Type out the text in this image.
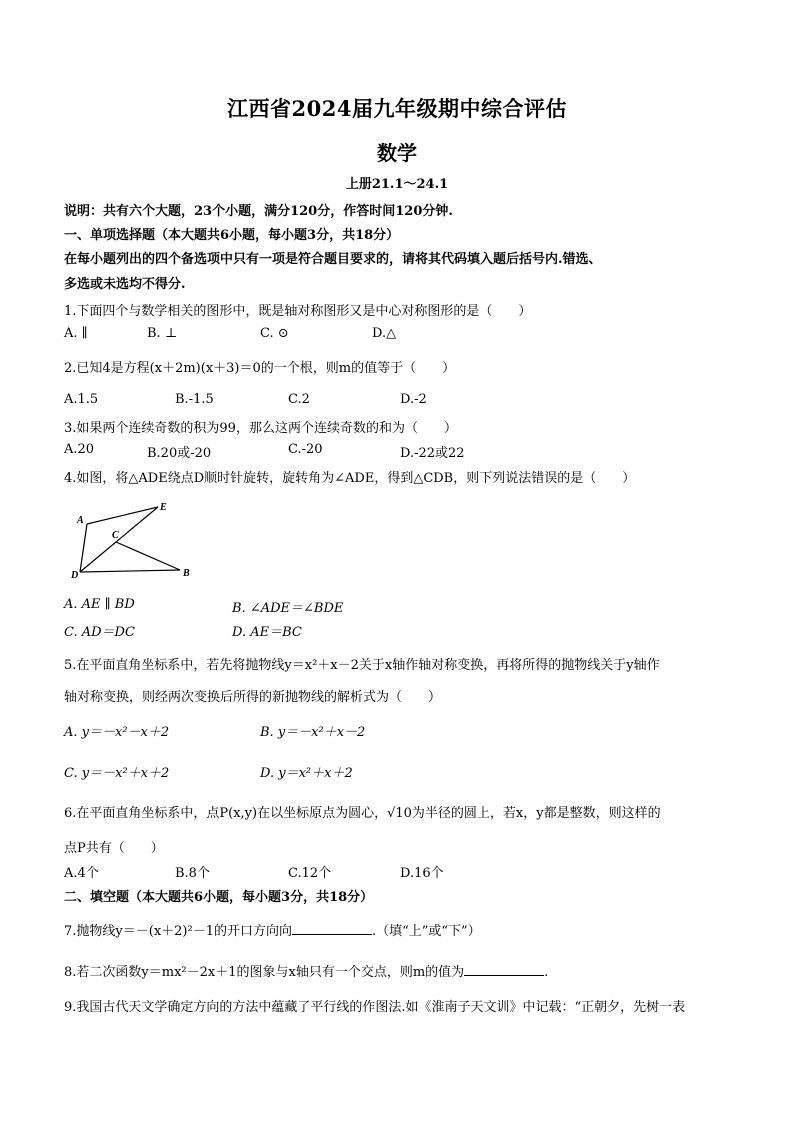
江西省2024届九年级期中综合评估
数学
上册21.1～24.1
说明：共有六个大题，23个小题，满分120分，作答时间120分钟.
一、单项选择题（本大题共6小题，每小题3分，共18分）
在每小题列出的四个备选项中只有一项是符合题目要求的，请将其代码填入题后括号内.错选、
多选或未选均不得分.
1.下面四个与数学相关的图形中，既是轴对称图形又是中心对称图形的是（　　）
A. ∥	B. ⊥	C. ⊙	D.△
2.已知4是方程(x＋2m)(x＋3)＝0的一个根，则m的值等于（　　）
A.1.5	B.-1.5	C.2	D.-2
3.如果两个连续奇数的积为99，那么这两个连续奇数的和为（　　）
A.20	B.20或-20	C.-20	D.-22或22
4.如图，将△ADE绕点D顺时针旋转，旋转角为∠ADE，得到△CDB，则下列说法错误的是（　　）
A
E
C
D	B
A. AE ∥ BD	B. ∠ADE＝∠BDE
C. AD＝DC	D. AE＝BC
5.在平面直角坐标系中，若先将抛物线y＝x²＋x－2关于x轴作轴对称变换，再将所得的抛物线关于y轴作
轴对称变换，则经两次变换后所得的新抛物线的解析式为（　　）
A. y＝－x²－x＋2	B. y＝－x²＋x－2
C. y＝－x²＋x＋2	D. y＝x²＋x＋2
6.在平面直角坐标系中，点P(x,y)在以坐标原点为圆心，√10为半径的圆上，若x，y都是整数，则这样的
点P共有（　　）
A.4个	B.8个	C.12个	D.16个
二、填空题（本大题共6小题，每小题3分，共18分）
7.抛物线y＝－(x＋2)²－1的开口方向向	.（填“上”或“下”）
8.若二次函数y＝mx²－2x＋1的图象与x轴只有一个交点，则m的值为	.
9.我国古代天文学确定方向的方法中蕴藏了平行线的作图法.如《淮南子天文训》中记载：“正朝夕，先树一表
